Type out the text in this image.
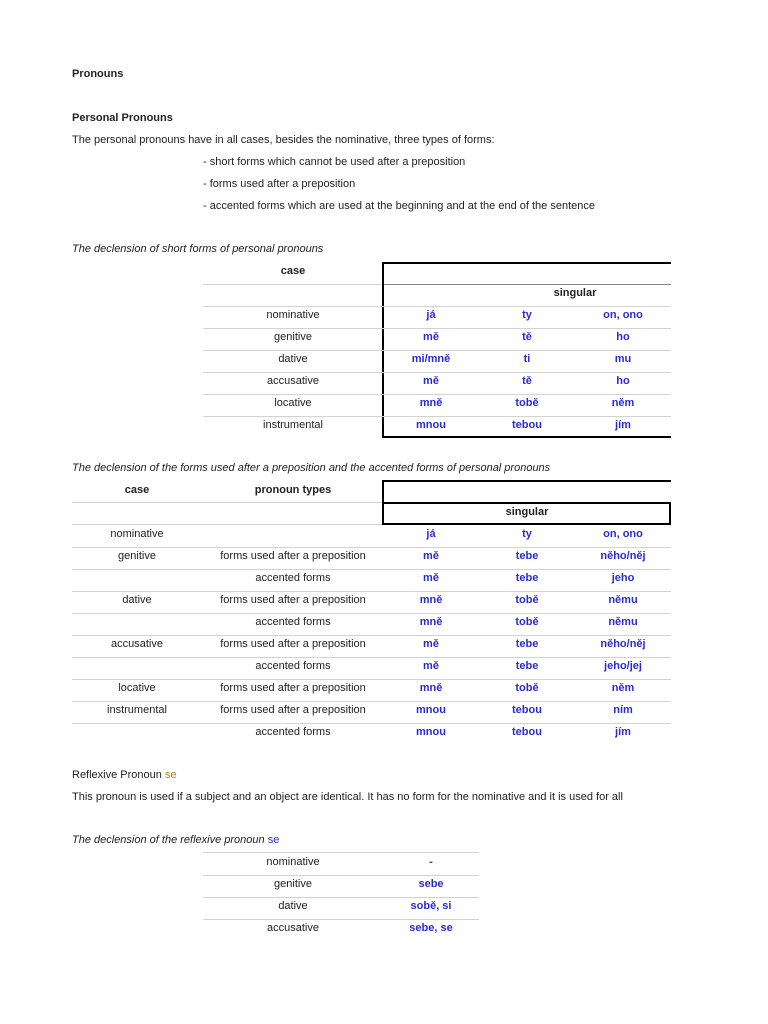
Pronouns
Personal Pronouns
The personal pronouns have in all cases, besides the nominative, three types of forms:
- short forms which cannot be used after a preposition
- forms used after a preposition
- accented forms which are used at the beginning and at the end of the sentence
The declension of short forms of personal pronouns
case
singular
nominative	já	ty	on, ono
genitive	mě	tě	ho
dative	mi/mně	ti	mu
accusative	mě	tě	ho
locative	mně	tobě	něm
instrumental	mnou	tebou	jím
The declension of the forms used after a preposition and the accented forms of personal pronouns
case	pronoun types
singular
nominative	já	ty	on, ono
genitive	forms used after a preposition	mě	tebe	něho/něj
accented forms	mě	tebe	jeho
dative	forms used after a preposition	mně	tobě	němu
accented forms	mně	tobě	němu
accusative	forms used after a preposition	mě	tebe	něho/něj
accented forms	mě	tebe	jeho/jej
locative	forms used after a preposition	mně	tobě	něm
instrumental	forms used after a preposition	mnou	tebou	ním
accented forms	mnou	tebou	jím
Reflexive Pronoun se
This pronoun is used if a subject and an object are identical. It has no form for the nominative and it is used for all
The declension of the reflexive pronoun se
nominative	-
genitive	sebe
dative	sobě, si
accusative	sebe, se
